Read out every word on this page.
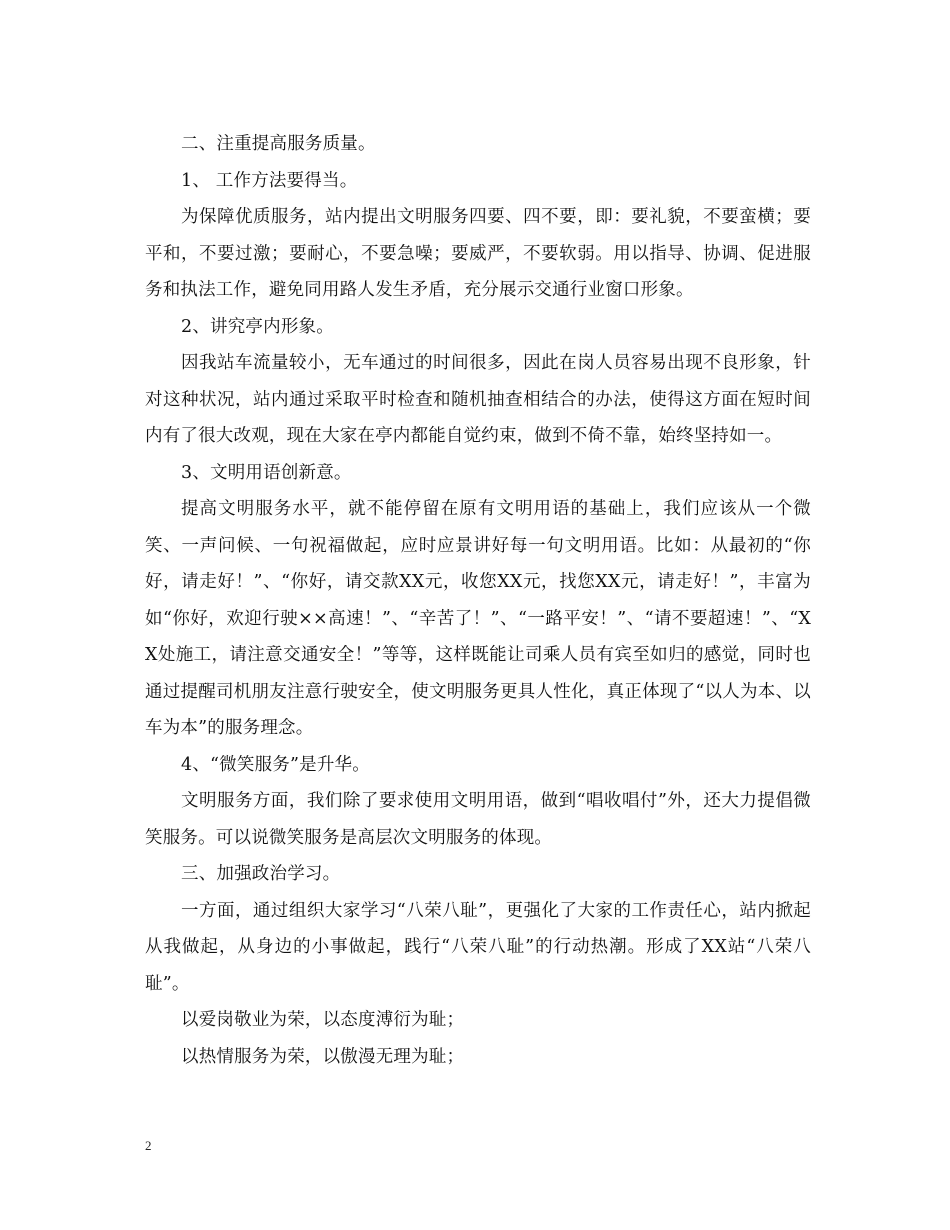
二、注重提高服务质量。

1、 工作方法要得当。

为保障优质服务，站内提出文明服务四要、四不要，即：要礼貌，不要蛮横；要平和，不要过激；要耐心，不要急噪；要威严，不要软弱。用以指导、协调、促进服务和执法工作，避免同用路人发生矛盾，充分展示交通行业窗口形象。

2、讲究亭内形象。

因我站车流量较小，无车通过的时间很多，因此在岗人员容易出现不良形象，针对这种状况，站内通过采取平时检查和随机抽查相结合的办法，使得这方面在短时间内有了很大改观，现在大家在亭内都能自觉约束，做到不倚不靠，始终坚持如一。

3、文明用语创新意。

提高文明服务水平，就不能停留在原有文明用语的基础上，我们应该从一个微笑、一声问候、一句祝福做起，应时应景讲好每一句文明用语。比如：从最初的“你好，请走好！”、“你好，请交款XX元，收您XX元，找您XX元，请走好！”，丰富为如“你好，欢迎行驶××高速！”、“辛苦了！”、“一路平安！”、“请不要超速！”、“XX处施工，请注意交通安全！”等等，这样既能让司乘人员有宾至如归的感觉，同时也通过提醒司机朋友注意行驶安全，使文明服务更具人性化，真正体现了“以人为本、以车为本”的服务理念。

4、“微笑服务”是升华。

文明服务方面，我们除了要求使用文明用语，做到“唱收唱付”外，还大力提倡微笑服务。可以说微笑服务是高层次文明服务的体现。

三、加强政治学习。

一方面，通过组织大家学习“八荣八耻”，更强化了大家的工作责任心，站内掀起从我做起，从身边的小事做起，践行“八荣八耻”的行动热潮。形成了XX站“八荣八耻”。

以爱岗敬业为荣，以态度溥衍为耻；

以热情服务为荣，以傲漫无理为耻；

2
